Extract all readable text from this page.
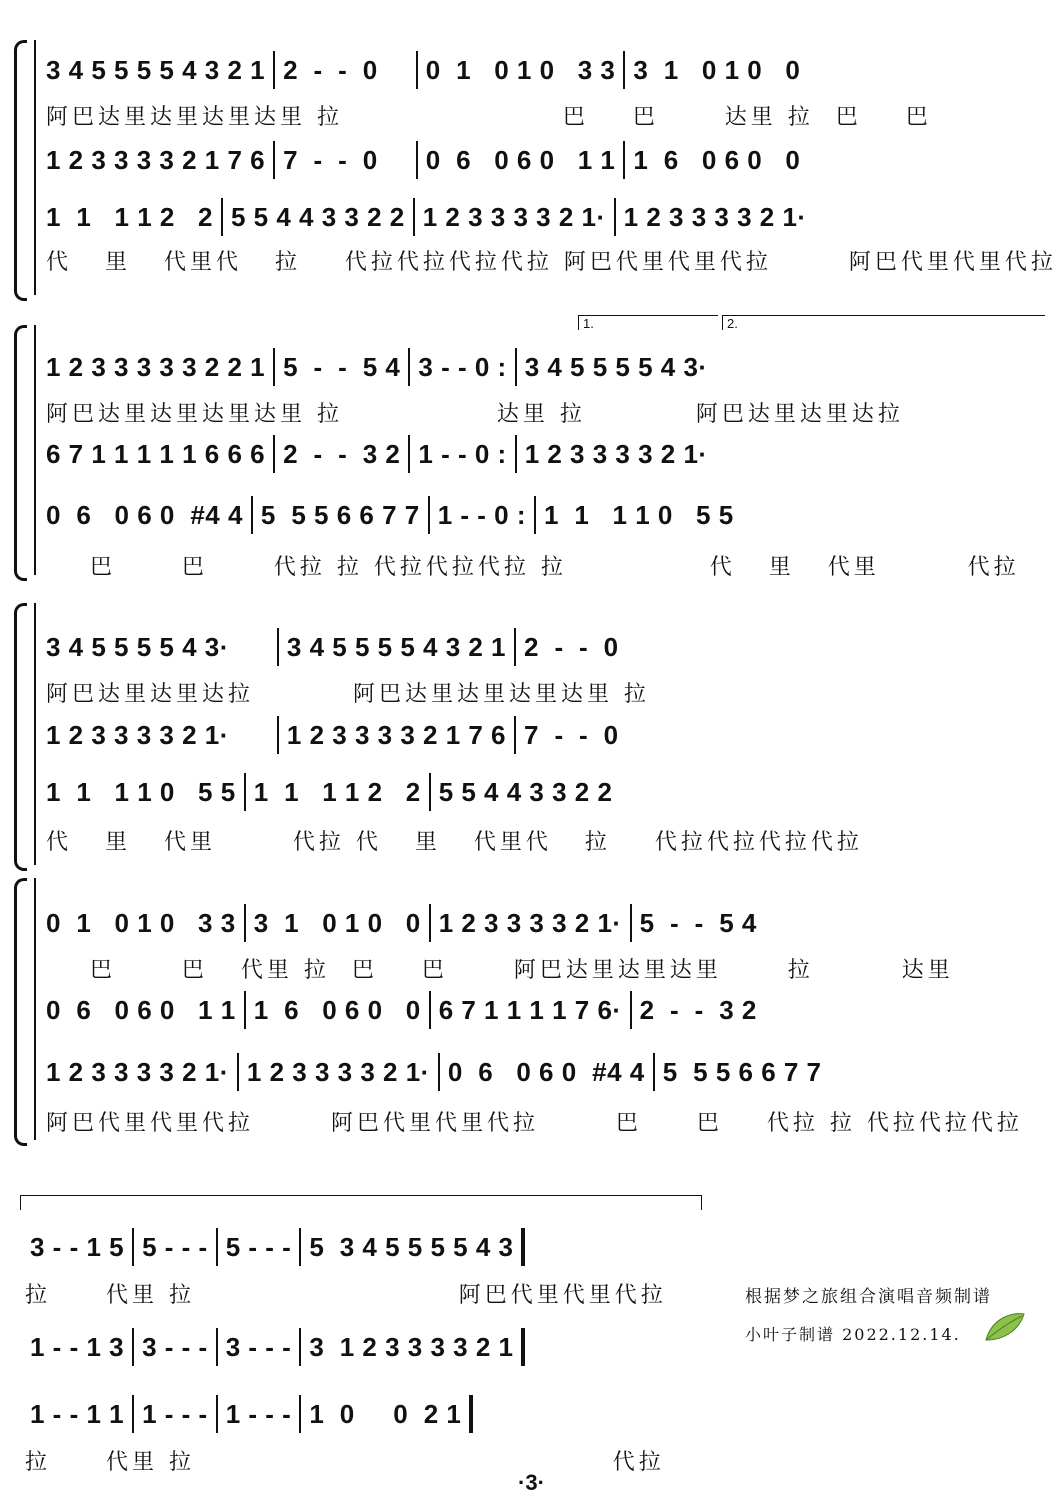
3 4 5 5 5 5 4 3 2 1 2  -  -  0	0  1   0 1 0   3 3 3  1   0 1 0   0
阿巴达里达里达里达里 拉                    巴    巴      达里 拉  巴    巴
1 2 3 3 3 3 2 1 7 6 7  -  -  0	0  6   0 6 0   1 1 1  6   0 6 0   0
1  1   1 1 2   2 5 5 4 4 3 3 2 2 1 2 3 3 3 3 2 1· 1 2 3 3 3 3 2 1·
代   里   代里代   拉    代拉代拉代拉代拉 阿巴代里代里代拉       阿巴代里代里代拉
1.	2.
1 2 3 3 3 3 3 2 2 1 5  -  -  5 4 3 - - 0 : 3 4 5 5 5 5 4 3·
阿巴达里达里达里达里 拉              达里 拉          阿巴达里达里达拉
6 7 1 1 1 1 1 6 6 6 2  -  -  3 2 1 - - 0 : 1 2 3 3 3 3 2 1·
0  6   0 6 0  #4 4 5  5 5 6 6 7 7 1 - - 0 : 1  1   1 1 0   5 5
巴      巴      代拉 拉 代拉代拉代拉 拉             代   里   代里        代拉
3 4 5 5 5 5 4 3·	3 4 5 5 5 5 4 3 2 1 2  -  -  0
阿巴达里达里达拉         阿巴达里达里达里达里 拉
1 2 3 3 3 3 2 1·	1 2 3 3 3 3 2 1 7 6 7  -  -  0
1  1   1 1 0   5 5 1  1   1 1 2   2 5 5 4 4 3 3 2 2
代   里   代里       代拉 代   里   代里代   拉    代拉代拉代拉代拉
0  1   0 1 0   3 3 3  1   0 1 0   0 1 2 3 3 3 3 2 1· 5  -  -  5 4
巴      巴   代里 拉  巴    巴      阿巴达里达里达里      拉        达里
0  6   0 6 0   1 1 1  6   0 6 0   0 6 7 1 1 1 1 7 6· 2  -  -  3 2
1 2 3 3 3 3 2 1· 1 2 3 3 3 3 2 1· 0  6   0 6 0  #4 4 5  5 5 6 6 7 7
阿巴代里代里代拉       阿巴代里代里代拉       巴     巴    代拉 拉 代拉代拉代拉
3 - - 1 5 5 - - - 5 - - - 5  3 4 5 5 5 5 4 3
拉     代里 拉                        阿巴代里代里代拉
1 - - 1 3 3 - - - 3 - - - 3  1 2 3 3 3 3 2 1
1 - - 1 1 1 - - - 1 - - - 1  0     0  2 1
拉     代里 拉                                      代拉
根据梦之旅组合演唱音频制谱
小叶子制谱 2022.12.14.
·3·
